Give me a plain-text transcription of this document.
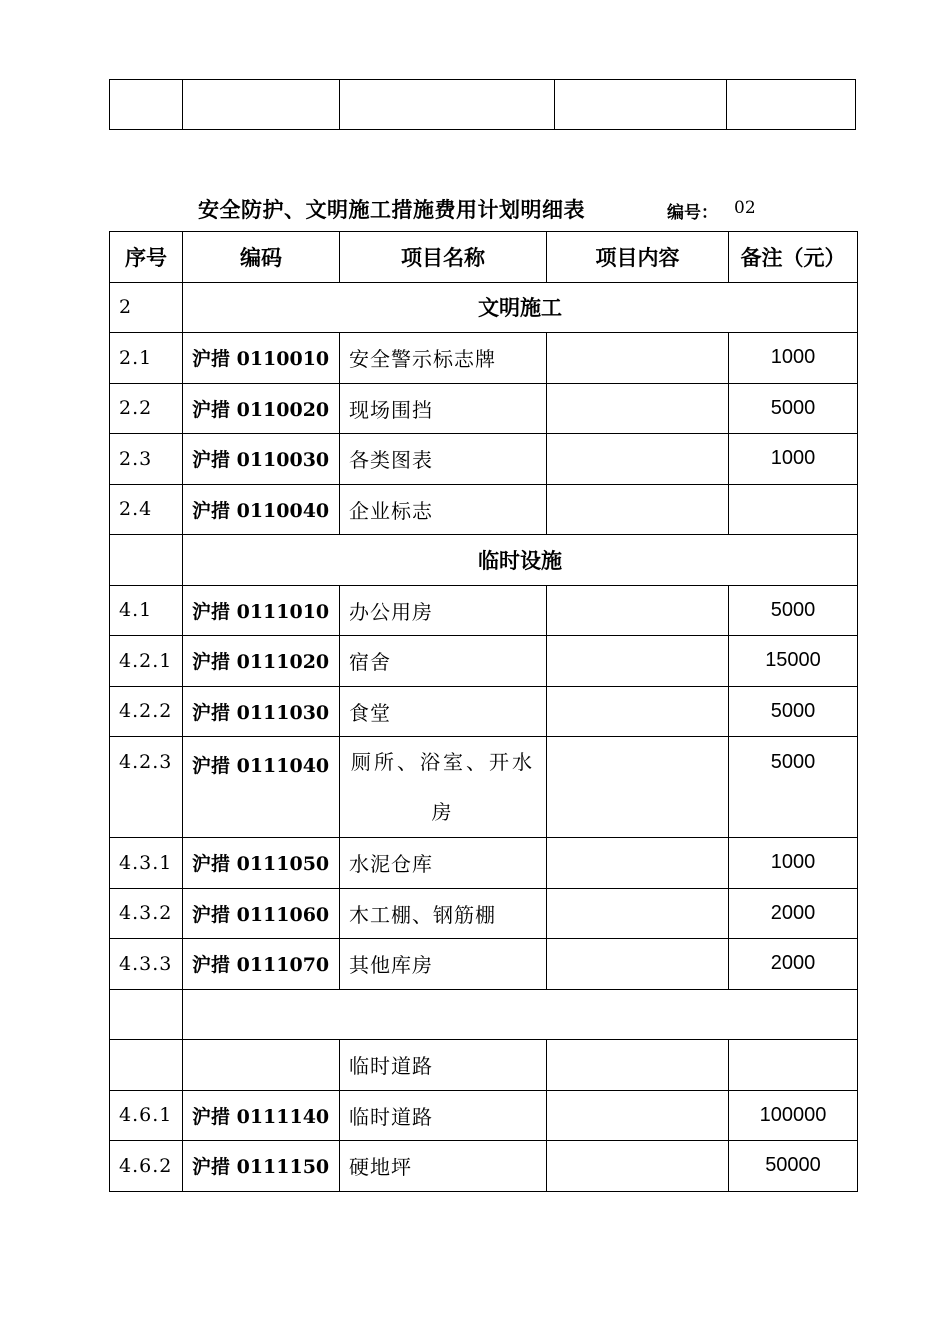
安全防护、文明施工措施费用计划明细表	编号： 02
序号	编码	项目名称	项目内容	备注（元）
2	文明施工			
2.1	沪措 0110010	安全警示标志牌		1000
2.2	沪措 0110020	现场围挡		5000
2.3	沪措 0110030	各类图表		1000
2.4	沪措 0110040	企业标志		
	临时设施			
4.1	沪措 0111010	办公用房		5000
4.2.1	沪措 0111020	宿舍		15000
4.2.2	沪措 0111030	食堂		5000
4.2.3	沪措 0111040	厕所、浴室、开水房		5000
4.3.1	沪措 0111050	水泥仓库		1000
4.3.2	沪措 0111060	木工棚、钢筋棚		2000
4.3.3	沪措 0111070	其他库房		2000

		临时道路		
4.6.1	沪措 0111140	临时道路		100000
4.6.2	沪措 0111150	硬地坪		50000
